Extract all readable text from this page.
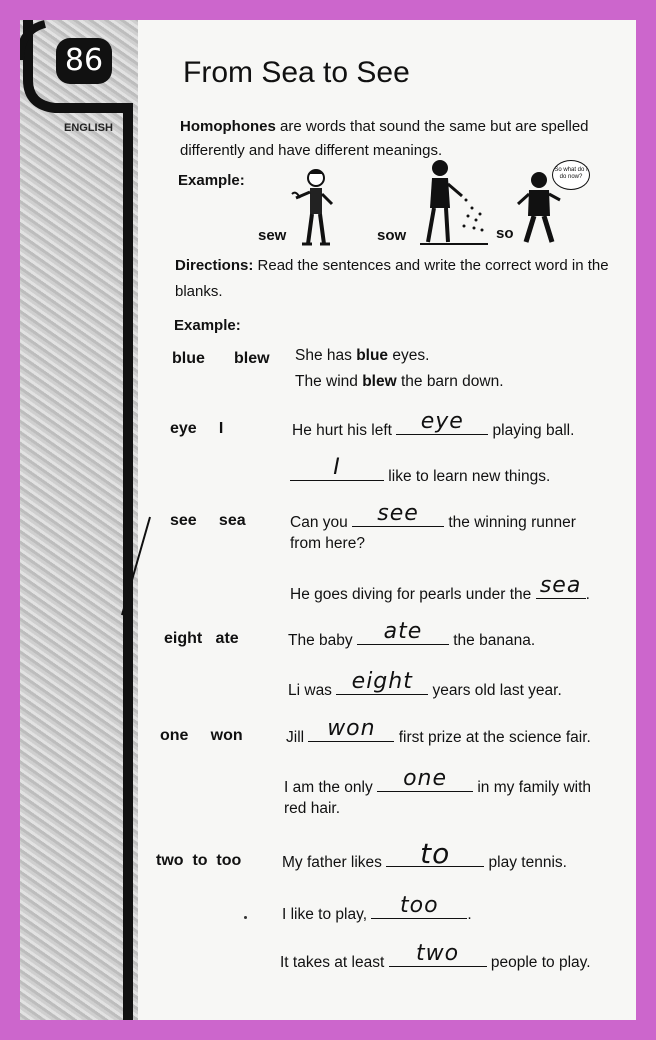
86
ENGLISH
From Sea to See
Homophones are words that sound the same but are spelled differently and have different meanings.
Example:
sew	sow
So what do I do now?
so
Directions: Read the sentences and write the correct word in the blanks.
Example:
blue blew She has blue eyes.
The wind blew the barn down.
eye     I	He hurt his left	eye	playing ball.
I	like to learn new things.
see     sea	Can you	see	the winning runner
from here?
He goes diving for pearls under the sea .
eight   ate	The baby	ate	the banana.
Li was eight years old last year.
one     won	Jill won	first prize at the science fair.
I am the only	one	in my family with
red hair.
two  to  too	My father likes	to	play tennis.
I like to play,	too	.
It takes at least	two	people to play.
